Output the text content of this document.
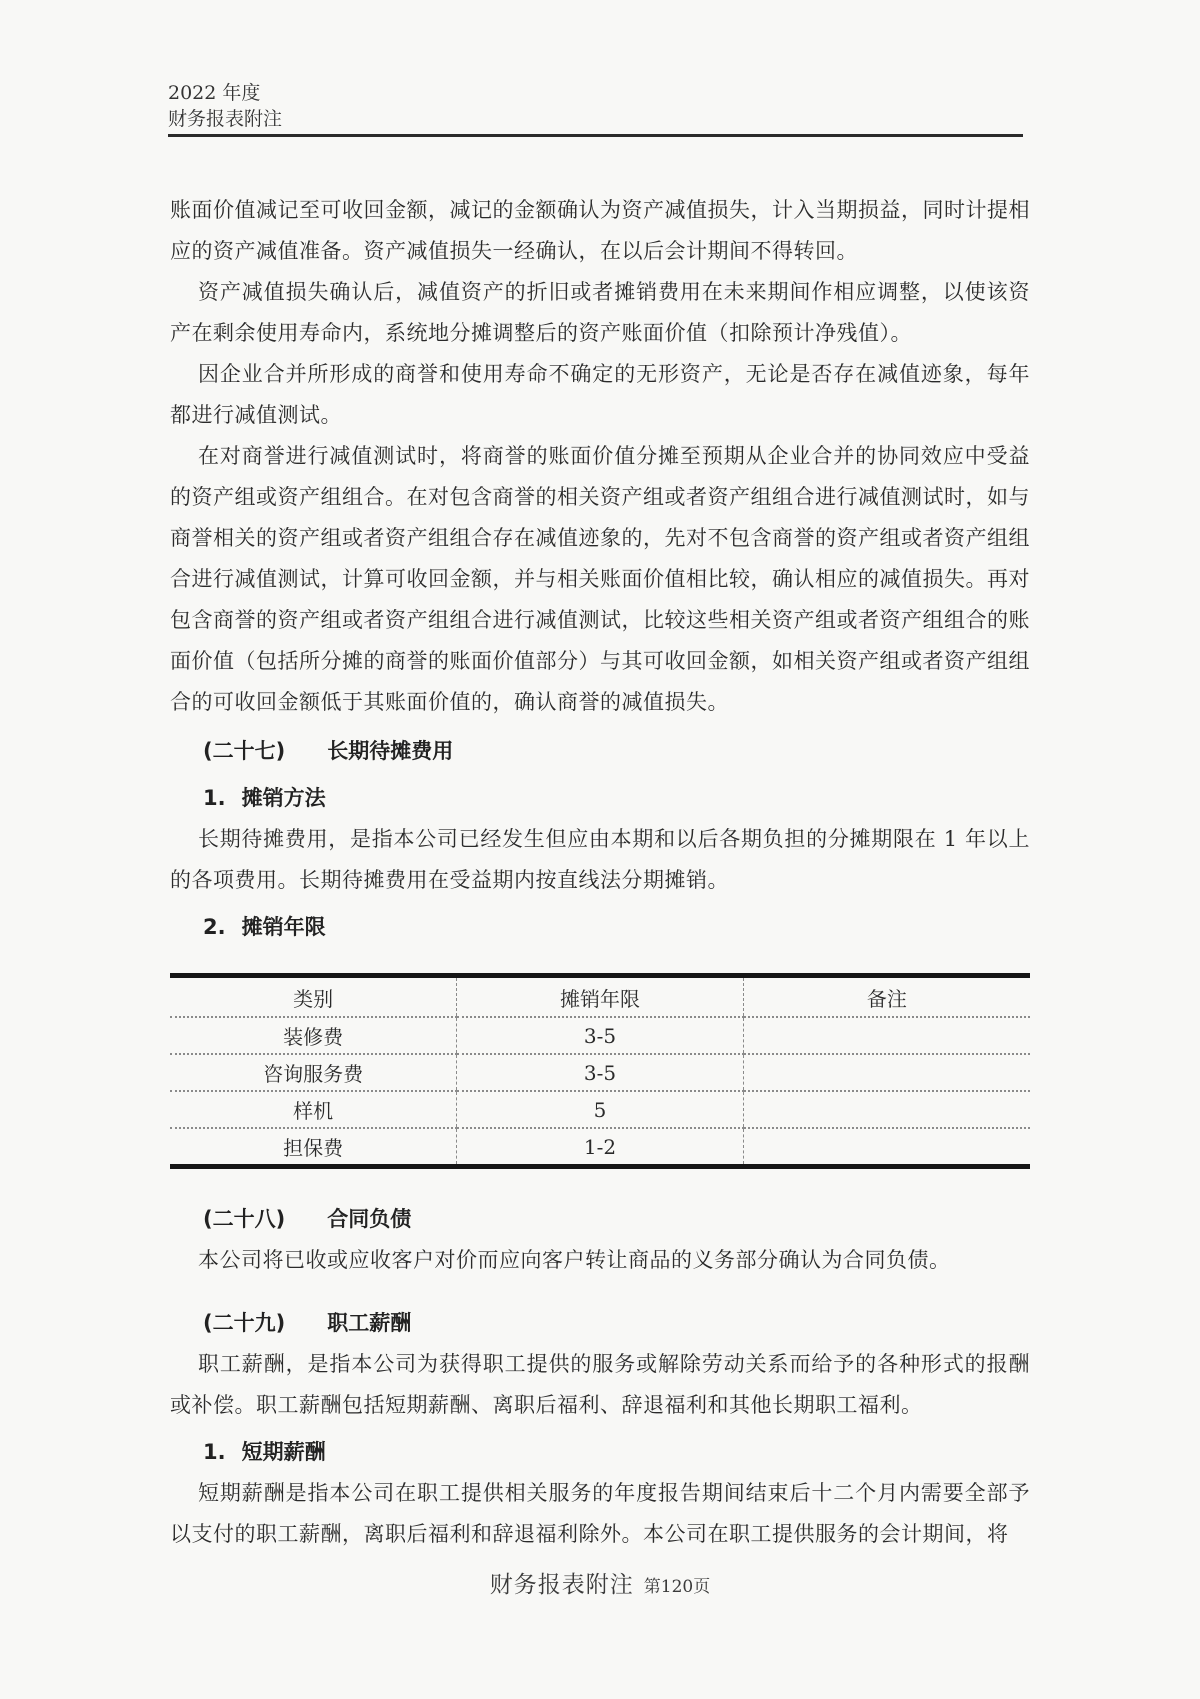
2022 年度
财务报表附注

账面价值减记至可收回金额，减记的金额确认为资产减值损失，计入当期损益，同时计提相应的资产减值准备。资产减值损失一经确认，在以后会计期间不得转回。

资产减值损失确认后，减值资产的折旧或者摊销费用在未来期间作相应调整，以使该资产在剩余使用寿命内，系统地分摊调整后的资产账面价值（扣除预计净残值）。

因企业合并所形成的商誉和使用寿命不确定的无形资产，无论是否存在减值迹象，每年都进行减值测试。

在对商誉进行减值测试时，将商誉的账面价值分摊至预期从企业合并的协同效应中受益的资产组或资产组组合。在对包含商誉的相关资产组或者资产组组合进行减值测试时，如与商誉相关的资产组或者资产组组合存在减值迹象的，先对不包含商誉的资产组或者资产组组合进行减值测试，计算可收回金额，并与相关账面价值相比较，确认相应的减值损失。再对包含商誉的资产组或者资产组组合进行减值测试，比较这些相关资产组或者资产组组合的账面价值（包括所分摊的商誉的账面价值部分）与其可收回金额，如相关资产组或者资产组组合的可收回金额低于其账面价值的，确认商誉的减值损失。

(二十七) 长期待摊费用
1. 摊销方法

长期待摊费用，是指本公司已经发生但应由本期和以后各期负担的分摊期限在 1 年以上的各项费用。长期待摊费用在受益期内按直线法分期摊销。

2. 摊销年限
类别	摊销年限	备注
装修费	3-5	
咨询服务费	3-5	
样机	5	
担保费	1-2	
(二十八) 合同负债

本公司将已收或应收客户对价而应向客户转让商品的义务部分确认为合同负债。

(二十九) 职工薪酬

职工薪酬，是指本公司为获得职工提供的服务或解除劳动关系而给予的各种形式的报酬或补偿。职工薪酬包括短期薪酬、离职后福利、辞退福利和其他长期职工福利。

1. 短期薪酬

短期薪酬是指本公司在职工提供相关服务的年度报告期间结束后十二个月内需要全部予以支付的职工薪酬，离职后福利和辞退福利除外。本公司在职工提供服务的会计期间，将

财务报表附注 第120页
